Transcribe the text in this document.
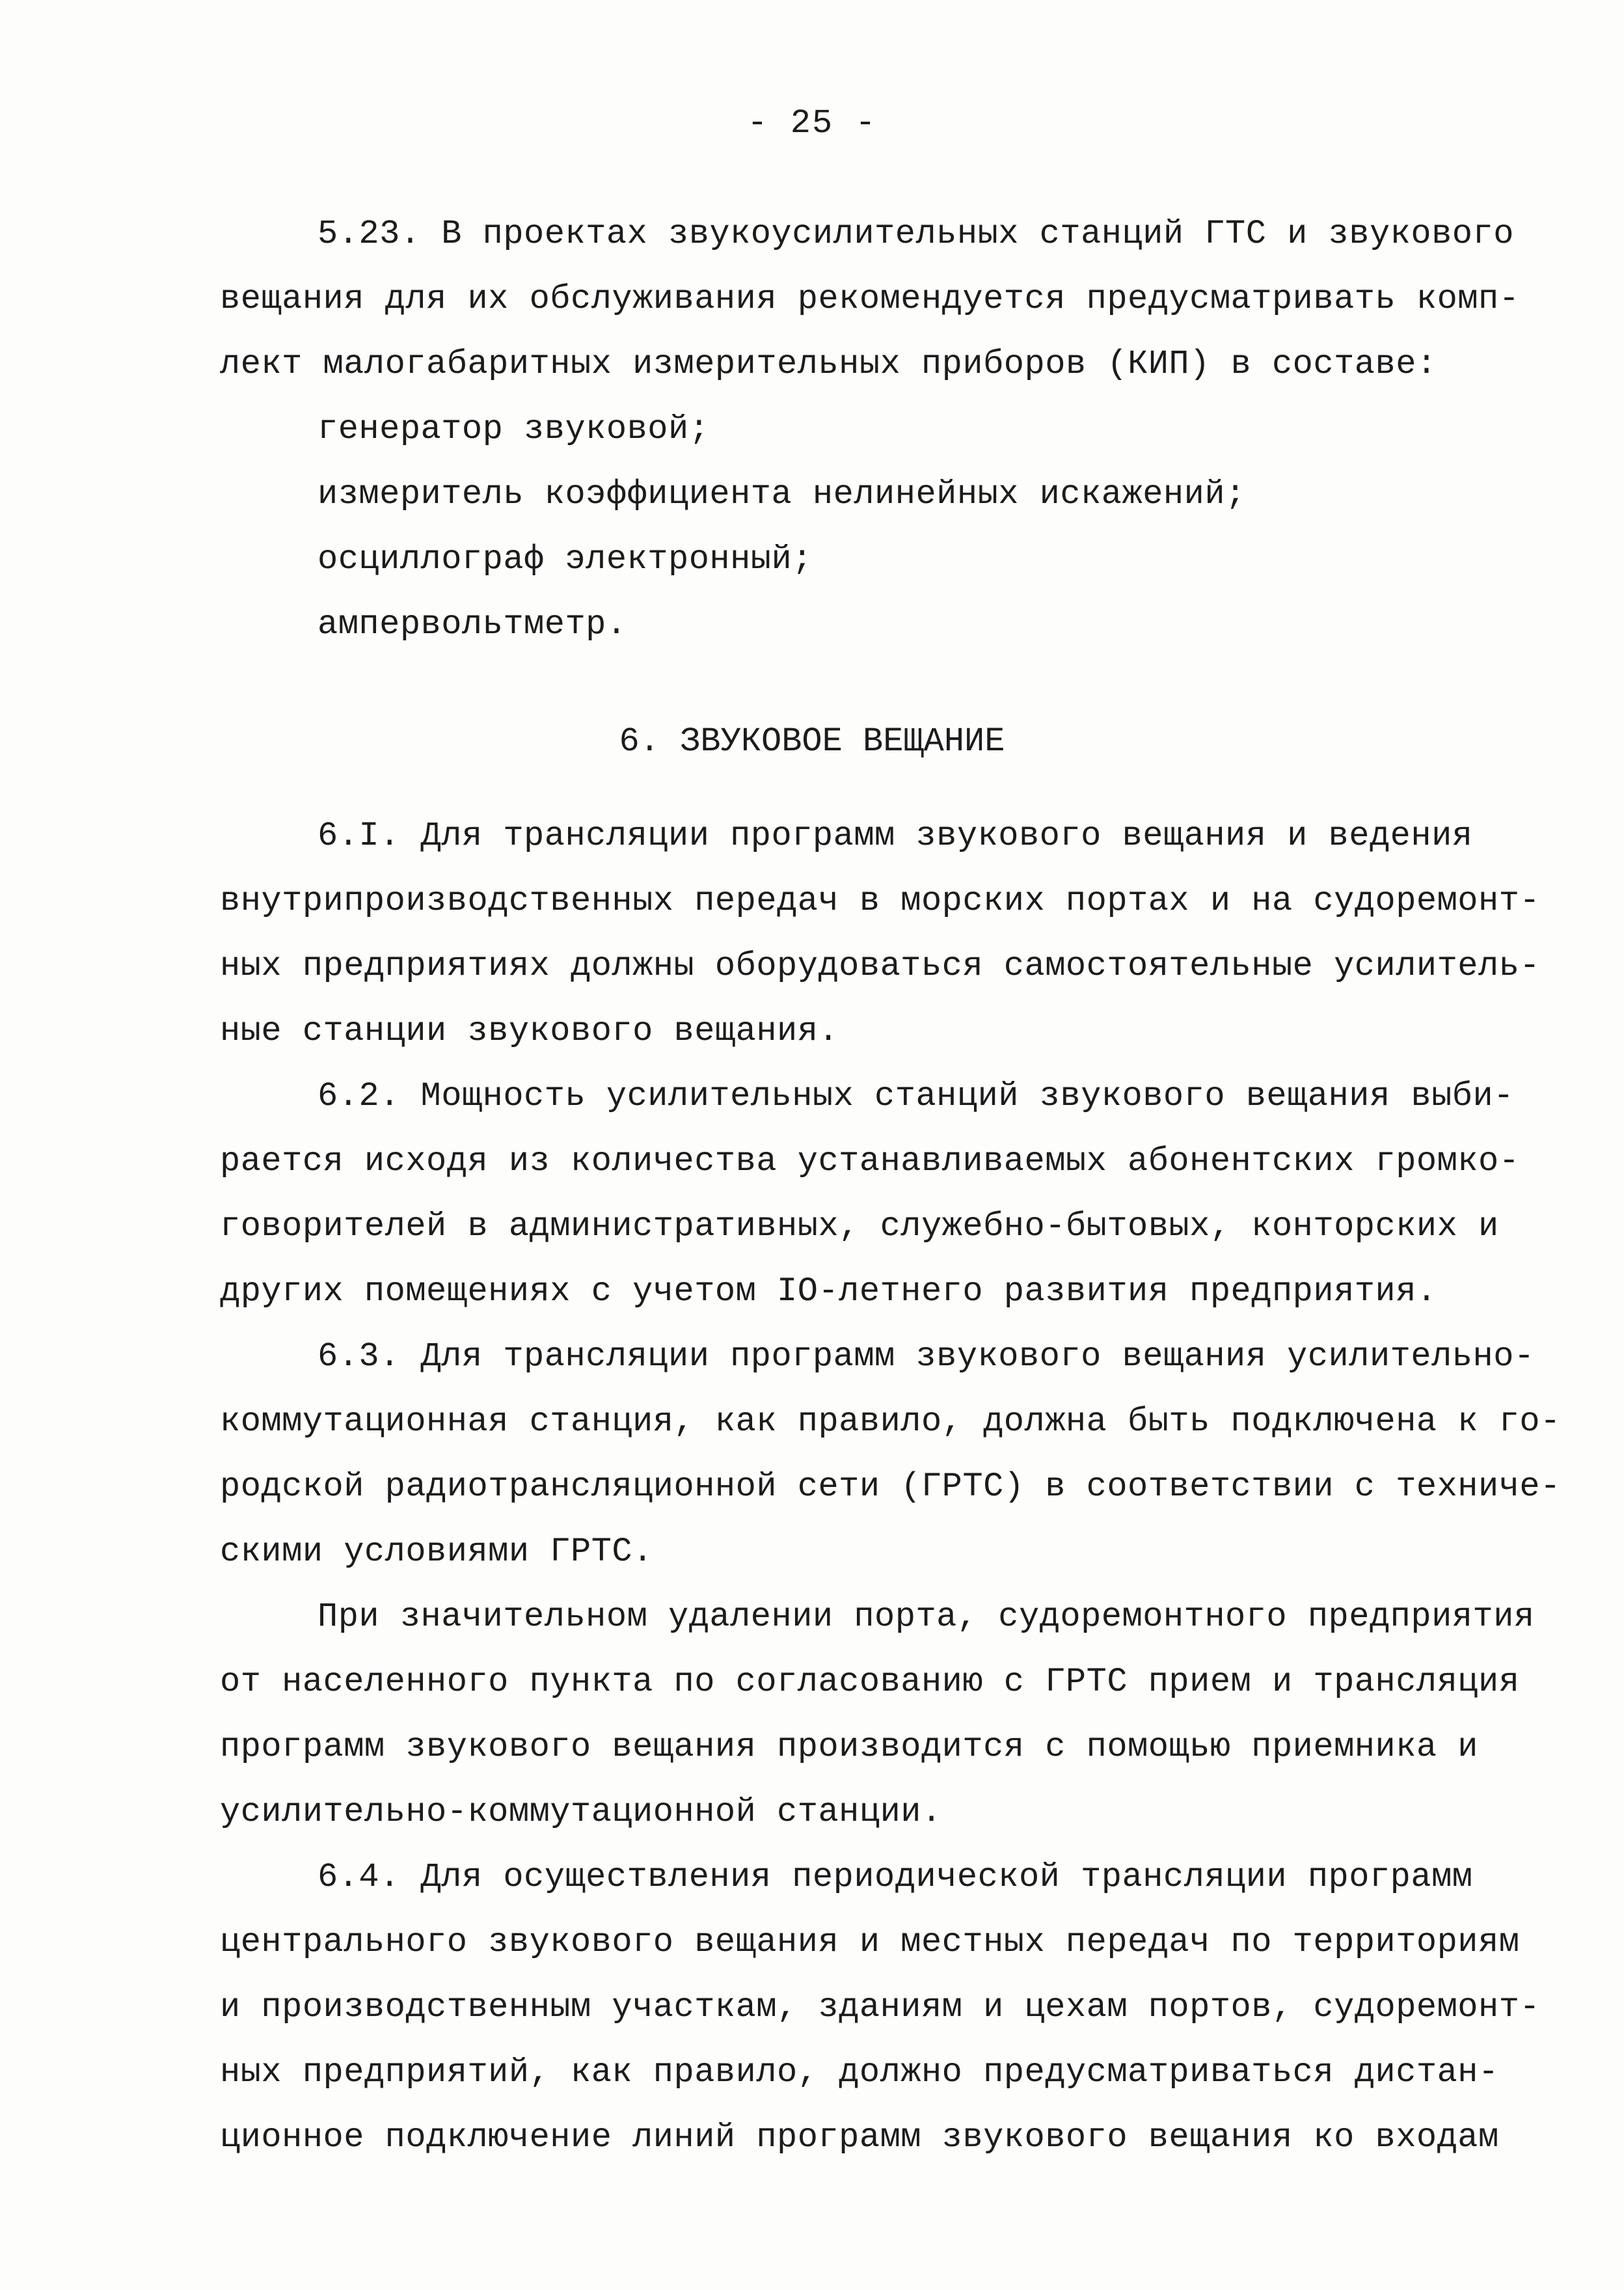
- 25 -
5.23. В проектах звукоусилительных станций ГТС и звукового
вещания для их обслуживания рекомендуется предусматривать комп-
лект малогабаритных измерительных приборов (КИП) в составе:
генератор звуковой;
измеритель коэффициента нелинейных искажений;
осциллограф электронный;
ампервольтметр.
6. ЗВУКОВОЕ ВЕЩАНИЕ
6.I. Для трансляции программ звукового вещания и ведения
внутрипроизводственных передач в морских портах и на судоремонт-
ных предприятиях должны оборудоваться самостоятельные усилитель-
ные станции звукового вещания.
6.2. Мощность усилительных станций звукового вещания выби-
рается исходя из количества устанавливаемых абонентских громко-
говорителей в административных, служебно-бытовых, конторских и
других помещениях с учетом IO-летнего развития предприятия.
6.3. Для трансляции программ звукового вещания усилительно-
коммутационная станция, как правило, должна быть подключена к го-
родской радиотрансляционной сети (ГРТС) в соответствии с техниче-
скими условиями ГРТС.
При значительном удалении порта, судоремонтного предприятия
от населенного пункта по согласованию с ГРТС прием и трансляция
программ звукового вещания производится с помощью приемника и
усилительно-коммутационной станции.
6.4. Для осуществления периодической трансляции программ
центрального звукового вещания и местных передач по территориям
и производственным участкам, зданиям и цехам портов, судоремонт-
ных предприятий, как правило, должно предусматриваться дистан-
ционное подключение линий программ звукового вещания ко входам
